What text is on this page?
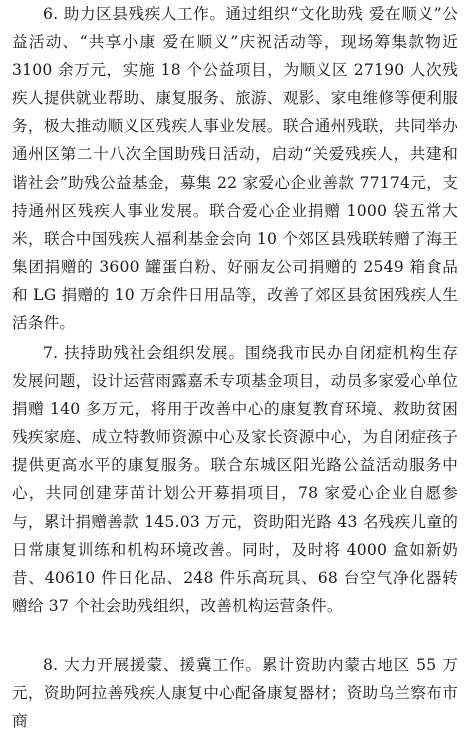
6. 助力区县残疾人工作。通过组织“文化助残 爱在顺义”公益活动、“共享小康 爱在顺义”庆祝活动等，现场筹集款物近 3100 余万元，实施 18 个公益项目，为顺义区 27190 人次残疾人提供就业帮助、康复服务、旅游、观影、家电维修等便利服务，极大推动顺义区残疾人事业发展。联合通州残联，共同举办通州区第二十八次全国助残日活动，启动“关爱残疾人，共建和谐社会”助残公益基金，募集 22 家爱心企业善款 77174元，支持通州区残疾人事业发展。联合爱心企业捐赠 1000 袋五常大米，联合中国残疾人福利基金会向 10 个郊区县残联转赠了海王集团捐赠的 3600 罐蛋白粉、好丽友公司捐赠的 2549 箱食品和 LG 捐赠的 10 万余件日用品等，改善了郊区县贫困残疾人生活条件。

7. 扶持助残社会组织发展。围绕我市民办自闭症机构生存发展问题，设计运营雨露嘉禾专项基金项目，动员多家爱心单位捐赠 140 多万元，将用于改善中心的康复教育环境、救助贫困残疾家庭、成立特教师资源中心及家长资源中心，为自闭症孩子提供更高水平的康复服务。联合东城区阳光路公益活动服务中心，共同创建芽苗计划公开募捐项目，78 家爱心企业自愿参与，累计捐赠善款 145.03 万元，资助阳光路 43 名残疾儿童的日常康复训练和机构环境改善。同时，及时将 4000 盒如新奶昔、40610 件日化品、248 件乐高玩具、68 台空气净化器转赠给 37 个社会助残组织，改善机构运营条件。

8. 大力开展援蒙、援冀工作。累计资助内蒙古地区 55 万元，资助阿拉善残疾人康复中心配备康复器材；资助乌兰察布市商
